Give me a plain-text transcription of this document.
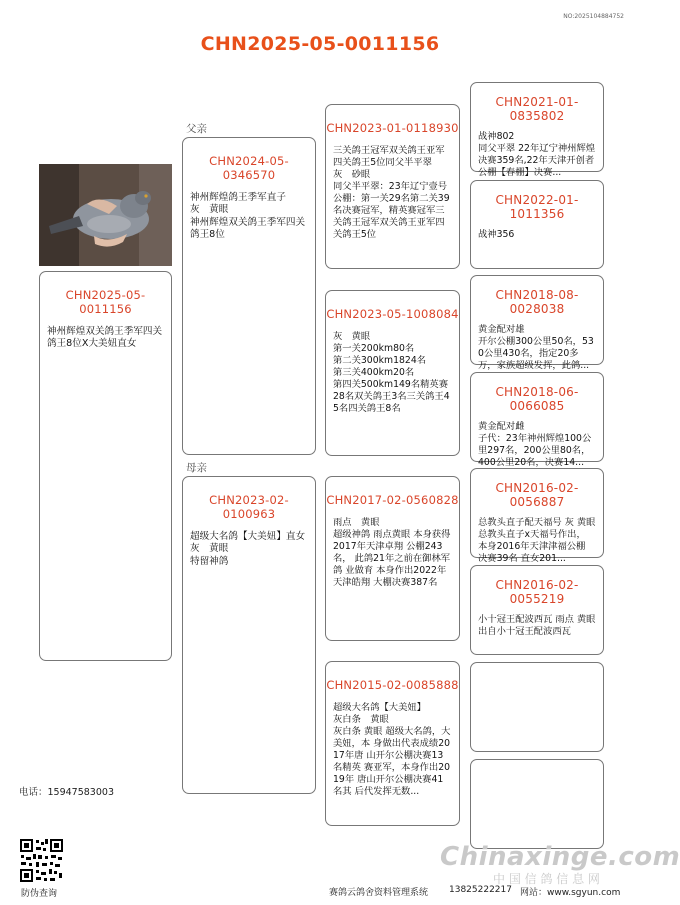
NO:2025104884752
CHN2025-05-0011156
父亲
母亲
CHN2025-05-0011156
神州辉煌双关鸽王季军四关鸽王8位X大美妞直女
CHN2024-05-0346570
神州辉煌鸽王季军直子
灰　黄眼
神州辉煌双关鸽王季军四关鸽王8位
CHN2023-02-0100963
超级大名鸽【大美妞】直女
灰　黄眼
特留神鸽
CHN2023-01-0118930
三关鸽王冠军双关鸽王亚军四关鸽王5位同父半平翠
灰　砂眼
同父半平翠：23年辽宁壹号公棚：第一关29名第二关39名决赛冠军，精英赛冠军三关鸽王冠军双关鸽王亚军四关鸽王5位
CHN2023-05-1008084
灰　黄眼
第一关200km80名
第二关300km1824名
第三关400km20名
第四关500km149名精英赛28名双关鸽王3名三关鸽王45名四关鸽王8名
CHN2017-02-0560828
雨点　黄眼
超级神鸽 雨点黄眼 本身获得2017年天津卓翔 公棚243名， 此鸽21年之前在御林军鸽 业做育 本身作出2022年天津皓翔 大棚决赛387名
CHN2015-02-0085888
超级大名鸽【大美妞】
灰白条　黄眼
灰白条 黄眼 超级大名鸽，大美妞，本 身做出代表成绩2017年唐 山开尔公棚决赛13名精英 赛亚军，本身作出2019年 唐山开尔公棚决赛41名其 后代发挥无数...
CHN2021-01-0835802
战神802
同父平翠 22年辽宁神州辉煌决赛359名,22年天津开创者公棚【春棚】决赛...
CHN2022-01-1011356
战神356
CHN2018-08-0028038
黄金配对雄
开尔公棚300公里50名，530公里430名，指定20多万，家族超级发挥，此鸽...
CHN2018-06-0066085
黄金配对雌
子代：23年神州辉煌100公里297名，200公里80名，400公里20名，决赛14...
CHN2016-02-0056887
总教头直子配天福号 灰 黄眼 总教头直子x天福号作出， 本身2016年天津津福公棚 决赛39名 直女201...
CHN2016-02-0055219
小十冠王配波西瓦 雨点 黄眼 出自小十冠王配波西瓦
电话：15947583003
防伪查询
Chinaxinge.com
中 国 信 鸽 信 息 网
赛鸽云鸽舍资料管理系统 13825222217 网站：www.sgyun.com
